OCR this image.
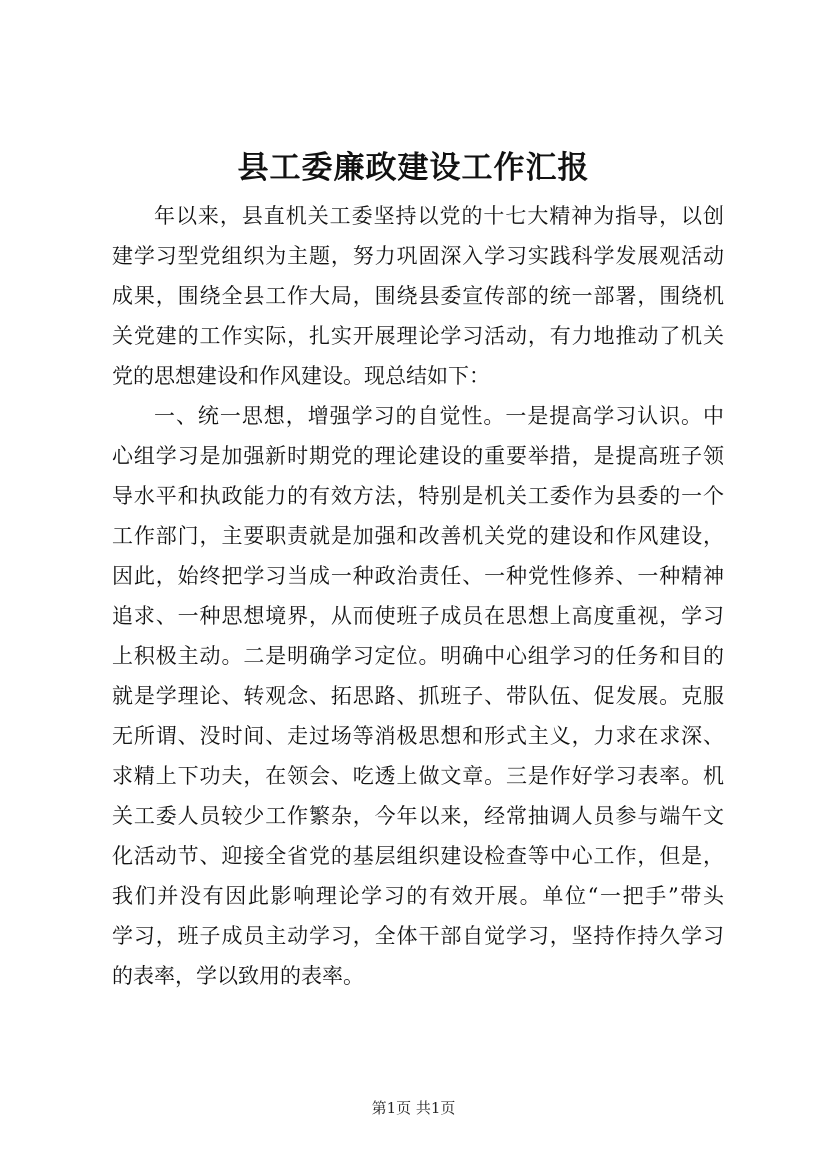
县工委廉政建设工作汇报
年以来，县直机关工委坚持以党的十七大精神为指导，以创
建学习型党组织为主题，努力巩固深入学习实践科学发展观活动
成果，围绕全县工作大局，围绕县委宣传部的统一部署，围绕机
关党建的工作实际，扎实开展理论学习活动，有力地推动了机关
党的思想建设和作风建设。现总结如下：
一、统一思想，增强学习的自觉性。一是提高学习认识。中
心组学习是加强新时期党的理论建设的重要举措，是提高班子领
导水平和执政能力的有效方法，特别是机关工委作为县委的一个
工作部门，主要职责就是加强和改善机关党的建设和作风建设，
因此，始终把学习当成一种政治责任、一种党性修养、一种精神
追求、一种思想境界，从而使班子成员在思想上高度重视，学习
上积极主动。二是明确学习定位。明确中心组学习的任务和目的
就是学理论、转观念、拓思路、抓班子、带队伍、促发展。克服
无所谓、没时间、走过场等消极思想和形式主义，力求在求深、
求精上下功夫，在领会、吃透上做文章。三是作好学习表率。机
关工委人员较少工作繁杂，今年以来，经常抽调人员参与端午文
化活动节、迎接全省党的基层组织建设检查等中心工作，但是，
我们并没有因此影响理论学习的有效开展。单位“一把手”带头
学习，班子成员主动学习，全体干部自觉学习，坚持作持久学习
的表率，学以致用的表率。
第1页 共1页
